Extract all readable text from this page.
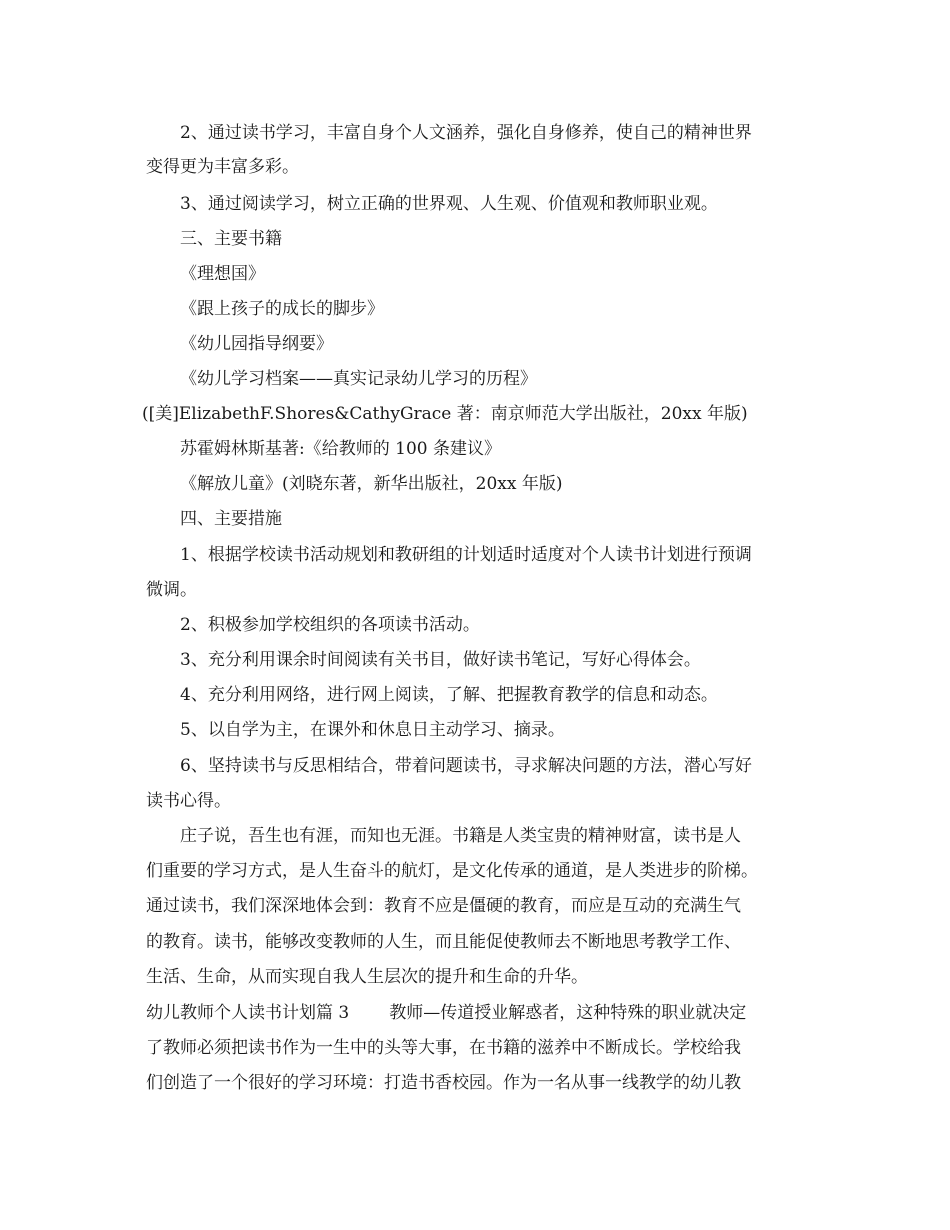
2、通过读书学习，丰富自身个人文涵养，强化自身修养，使自己的精神世界
变得更为丰富多彩。
3、通过阅读学习，树立正确的世界观、人生观、价值观和教师职业观。
三、主要书籍
《理想国》
《跟上孩子的成长的脚步》
《幼儿园指导纲要》
《幼儿学习档案——真实记录幼儿学习的历程》
([美]ElizabethF.Shores&CathyGrace 著：南京师范大学出版社，20xx 年版)
苏霍姆林斯基著:《给教师的 100 条建议》
《解放儿童》(刘晓东著，新华出版社，20xx 年版)
四、主要措施
1、根据学校读书活动规划和教研组的计划适时适度对个人读书计划进行预调
微调。
2、积极参加学校组织的各项读书活动。
3、充分利用课余时间阅读有关书目，做好读书笔记，写好心得体会。
4、充分利用网络，进行网上阅读，了解、把握教育教学的信息和动态。
5、以自学为主，在课外和休息日主动学习、摘录。
6、坚持读书与反思相结合，带着问题读书，寻求解决问题的方法，潜心写好
读书心得。
庄子说，吾生也有涯，而知也无涯。书籍是人类宝贵的精神财富，读书是人
们重要的学习方式，是人生奋斗的航灯，是文化传承的通道，是人类进步的阶梯。
通过读书，我们深深地体会到：教育不应是僵硬的教育，而应是互动的充满生气
的教育。读书，能够改变教师的人生，而且能促使教师去不断地思考教学工作、
生活、生命，从而实现自我人生层次的提升和生命的升华。
幼儿教师个人读书计划篇 3 教师—传道授业解惑者，这种特殊的职业就决定
了教师必须把读书作为一生中的头等大事，在书籍的滋养中不断成长。学校给我
们创造了一个很好的学习环境：打造书香校园。作为一名从事一线教学的幼儿教
